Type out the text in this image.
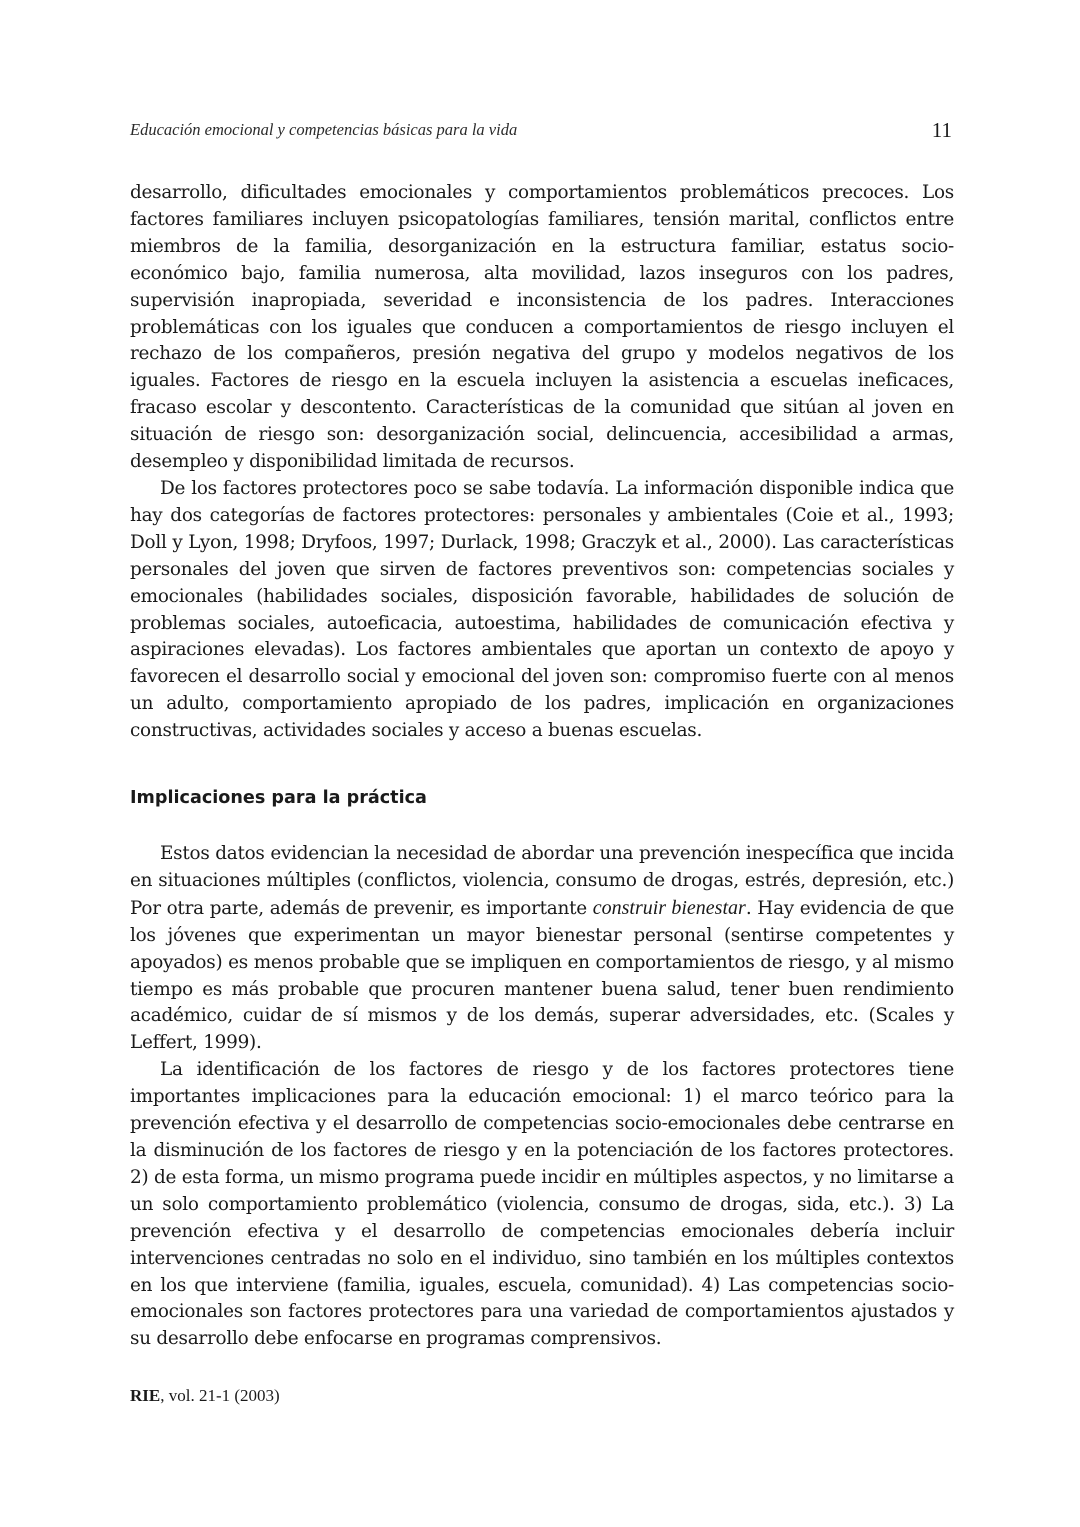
Educación emocional y competencias básicas para la vida	11

desarrollo, dificultades emocionales y comportamientos problemáticos precoces. Los factores familiares incluyen psicopatologías familiares, tensión marital, conflictos entre miembros de la familia, desorganización en la estructura familiar, estatus socio-económico bajo, familia numerosa, alta movilidad, lazos inseguros con los padres, supervisión inapropiada, severidad e inconsistencia de los padres. Interacciones problemáticas con los iguales que conducen a comportamientos de riesgo incluyen el rechazo de los compañeros, presión negativa del grupo y modelos negativos de los iguales. Factores de riesgo en la escuela incluyen la asistencia a escuelas ineficaces, fracaso escolar y descontento. Características de la comunidad que sitúan al joven en situación de riesgo son: desorganización social, delincuencia, accesibilidad a armas, desempleo y disponibilidad limitada de recursos.

De los factores protectores poco se sabe todavía. La información disponible indica que hay dos categorías de factores protectores: personales y ambientales (Coie et al., 1993; Doll y Lyon, 1998; Dryfoos, 1997; Durlack, 1998; Graczyk et al., 2000). Las características personales del joven que sirven de factores preventivos son: competencias sociales y emocionales (habilidades sociales, disposición favorable, habilidades de solución de problemas sociales, autoeficacia, autoestima, habilidades de comunicación efectiva y aspiraciones elevadas). Los factores ambientales que aportan un contexto de apoyo y favorecen el desarrollo social y emocional del joven son: compromiso fuerte con al menos un adulto, comportamiento apropiado de los padres, implicación en organizaciones constructivas, actividades sociales y acceso a buenas escuelas.

Implicaciones para la práctica

Estos datos evidencian la necesidad de abordar una prevención inespecífica que incida en situaciones múltiples (conflictos, violencia, consumo de drogas, estrés, depresión, etc.) Por otra parte, además de prevenir, es importante construir bienestar. Hay evidencia de que los jóvenes que experimentan un mayor bienestar personal (sentirse competentes y apoyados) es menos probable que se impliquen en comportamientos de riesgo, y al mismo tiempo es más probable que procuren mantener buena salud, tener buen rendimiento académico, cuidar de sí mismos y de los demás, superar adversidades, etc. (Scales y Leffert, 1999).

La identificación de los factores de riesgo y de los factores protectores tiene importantes implicaciones para la educación emocional: 1) el marco teórico para la prevención efectiva y el desarrollo de competencias socio-emocionales debe centrarse en la disminución de los factores de riesgo y en la potenciación de los factores protectores. 2) de esta forma, un mismo programa puede incidir en múltiples aspectos, y no limitarse a un solo comportamiento problemático (violencia, consumo de drogas, sida, etc.). 3) La prevención efectiva y el desarrollo de competencias emocionales debería incluir intervenciones centradas no solo en el individuo, sino también en los múltiples contextos en los que interviene (familia, iguales, escuela, comunidad). 4) Las competencias socio-emocionales son factores protectores para una variedad de comportamientos ajustados y su desarrollo debe enfocarse en programas comprensivos.

RIE, vol. 21-1 (2003)
